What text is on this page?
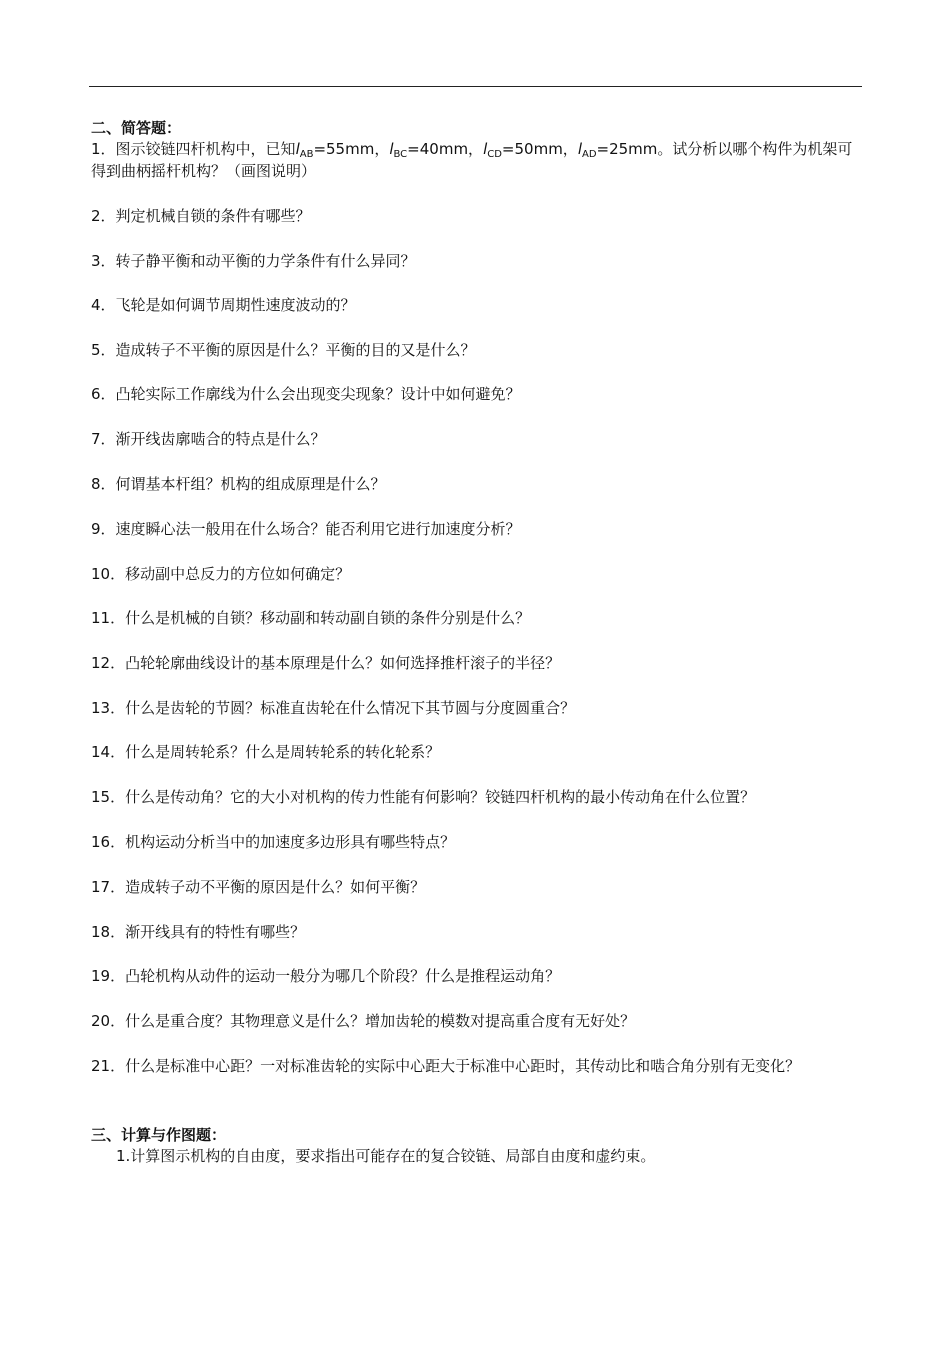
二、简答题：
1．图示铰链四杆机构中，已知$l_{AB}=55mm$，$l_{BC}=40mm$，$l_{CD}=50mm$，$l_{AD}=25mm$。试分析以哪个构件为机架可得到曲柄摇杆机构？（画图说明）
2．判定机械自锁的条件有哪些？
3．转子静平衡和动平衡的力学条件有什么异同？
4．飞轮是如何调节周期性速度波动的？
5．造成转子不平衡的原因是什么？平衡的目的又是什么？
6．凸轮实际工作廓线为什么会出现变尖现象？设计中如何避免？
7．渐开线齿廓啮合的特点是什么？
8．何谓基本杆组？机构的组成原理是什么？
9．速度瞬心法一般用在什么场合？能否利用它进行加速度分析？
10．移动副中总反力的方位如何确定？
11．什么是机械的自锁？移动副和转动副自锁的条件分别是什么？
12．凸轮轮廓曲线设计的基本原理是什么？如何选择推杆滚子的半径？
13．什么是齿轮的节圆？标准直齿轮在什么情况下其节圆与分度圆重合？
14．什么是周转轮系？什么是周转轮系的转化轮系？
15．什么是传动角？它的大小对机构的传力性能有何影响？铰链四杆机构的最小传动角在什么位置？
16．机构运动分析当中的加速度多边形具有哪些特点？
17．造成转子动不平衡的原因是什么？如何平衡？
18．渐开线具有的特性有哪些？
19．凸轮机构从动件的运动一般分为哪几个阶段？什么是推程运动角？
20．什么是重合度？其物理意义是什么？增加齿轮的模数对提高重合度有无好处？
21．什么是标准中心距？一对标准齿轮的实际中心距大于标准中心距时，其传动比和啮合角分别有无变化？
三、计算与作图题：
1.计算图示机构的自由度，要求指出可能存在的复合铰链、局部自由度和虚约束。
